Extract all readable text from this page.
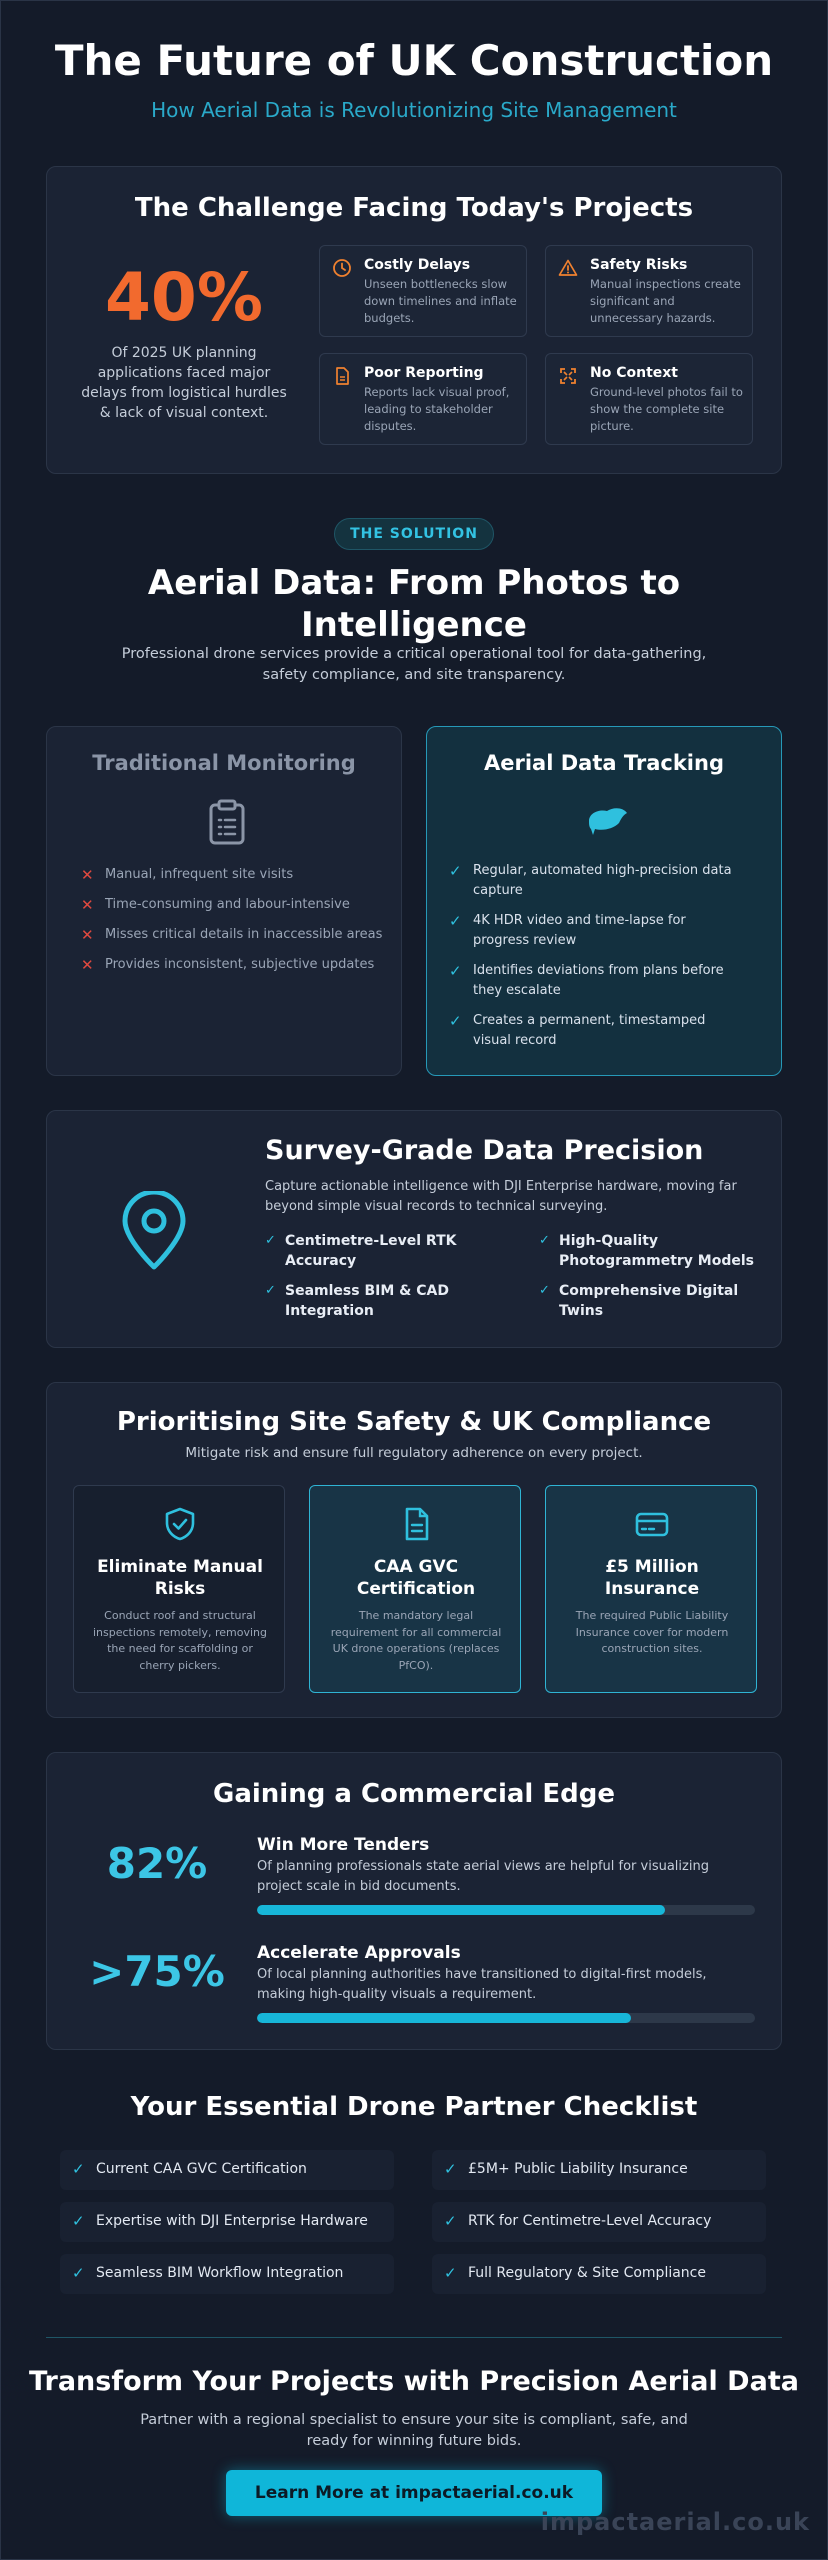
The Future of UK Construction
How Aerial Data is Revolutionizing Site Management
The Challenge Facing Today's Projects
40%
Of 2025 UK planning applications faced major delays from logistical hurdles & lack of visual context.
Costly Delays
Unseen bottlenecks slow down timelines and inflate budgets.
Safety Risks
Manual inspections create significant and unnecessary hazards.
Poor Reporting
Reports lack visual proof, leading to stakeholder disputes.
No Context
Ground-level photos fail to show the complete site picture.
THE SOLUTION
Aerial Data: From Photos to Intelligence
Professional drone services provide a critical operational tool for data-gathering, safety compliance, and site transparency.
Traditional Monitoring
✕ Manual, infrequent site visits
✕ Time-consuming and labour-intensive
✕ Misses critical details in inaccessible areas
✕ Provides inconsistent, subjective updates
Aerial Data Tracking
✓ Regular, automated high-precision data capture
✓ 4K HDR video and time-lapse for progress review
✓ Identifies deviations from plans before they escalate
✓ Creates a permanent, timestamped visual record
Survey-Grade Data Precision
Capture actionable intelligence with DJI Enterprise hardware, moving far beyond simple visual records to technical surveying.
✓ Centimetre-Level RTK Accuracy
✓ High-Quality Photogrammetry Models
✓ Seamless BIM & CAD Integration
✓ Comprehensive Digital Twins
Prioritising Site Safety & UK Compliance
Mitigate risk and ensure full regulatory adherence on every project.
Eliminate Manual Risks
Conduct roof and structural inspections remotely, removing the need for scaffolding or cherry pickers.
CAA GVC Certification
The mandatory legal requirement for all commercial UK drone operations (replaces PfCO).
£5 Million Insurance
The required Public Liability Insurance cover for modern construction sites.
Gaining a Commercial Edge
82%	Win More Tenders
Of planning professionals state aerial views are helpful for visualizing project scale in bid documents.
>75%	Accelerate Approvals
Of local planning authorities have transitioned to digital-first models, making high-quality visuals a requirement.
Your Essential Drone Partner Checklist
✓ Current CAA GVC Certification	✓ £5M+ Public Liability Insurance
✓ Expertise with DJI Enterprise Hardware	✓ RTK for Centimetre-Level Accuracy
✓ Seamless BIM Workflow Integration	✓ Full Regulatory & Site Compliance
Transform Your Projects with Precision Aerial Data
Partner with a regional specialist to ensure your site is compliant, safe, and ready for winning future bids.
Learn More at impactaerial.co.uk
impactaerial.co.uk
